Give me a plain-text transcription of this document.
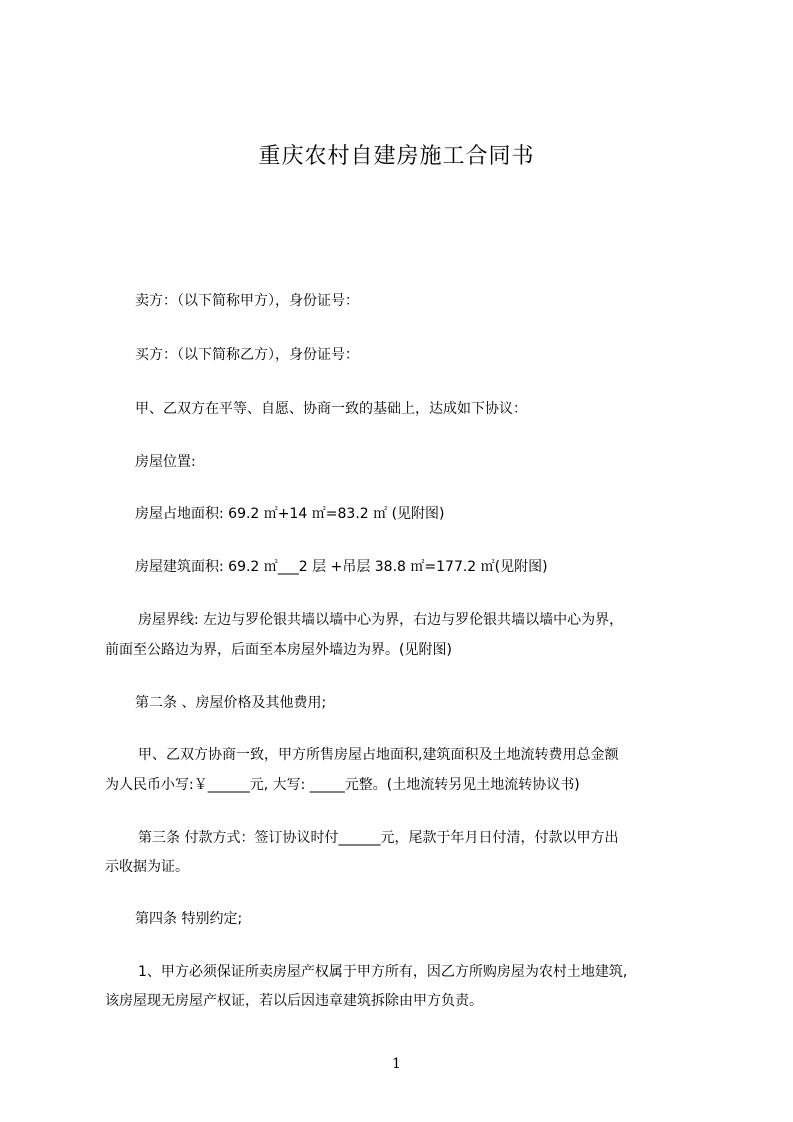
重庆农村自建房施工合同书
卖方：（以下简称甲方），身份证号：
买方：（以下简称乙方），身份证号：
甲、乙双方在平等、自愿、协商一致的基础上，达成如下协议：
房屋位置:
房屋占地面积: 69.2 ㎡+14 ㎡=83.2 ㎡ (见附图)
房屋建筑面积: 69.2 ㎡___2 层 +吊层 38.8 ㎡=177.2 ㎡(见附图)
房屋界线: 左边与罗伦银共墙以墙中心为界，右边与罗伦银共墙以墙中心为界，
前面至公路边为界，后面至本房屋外墙边为界。(见附图)
第二条 、房屋价格及其他费用;
甲、乙双方协商一致，甲方所售房屋占地面积,建筑面积及土地流转费用总金额
为人民币小写:￥______元, 大写: _____元整。(土地流转另见土地流转协议书)
第三条 付款方式：签订协议时付______元，尾款于年月日付清，付款以甲方出
示收据为证。
第四条 特别约定;
1、甲方必须保证所卖房屋产权属于甲方所有，因乙方所购房屋为农村土地建筑,
该房屋现无房屋产权证，若以后因违章建筑拆除由甲方负责。
1
